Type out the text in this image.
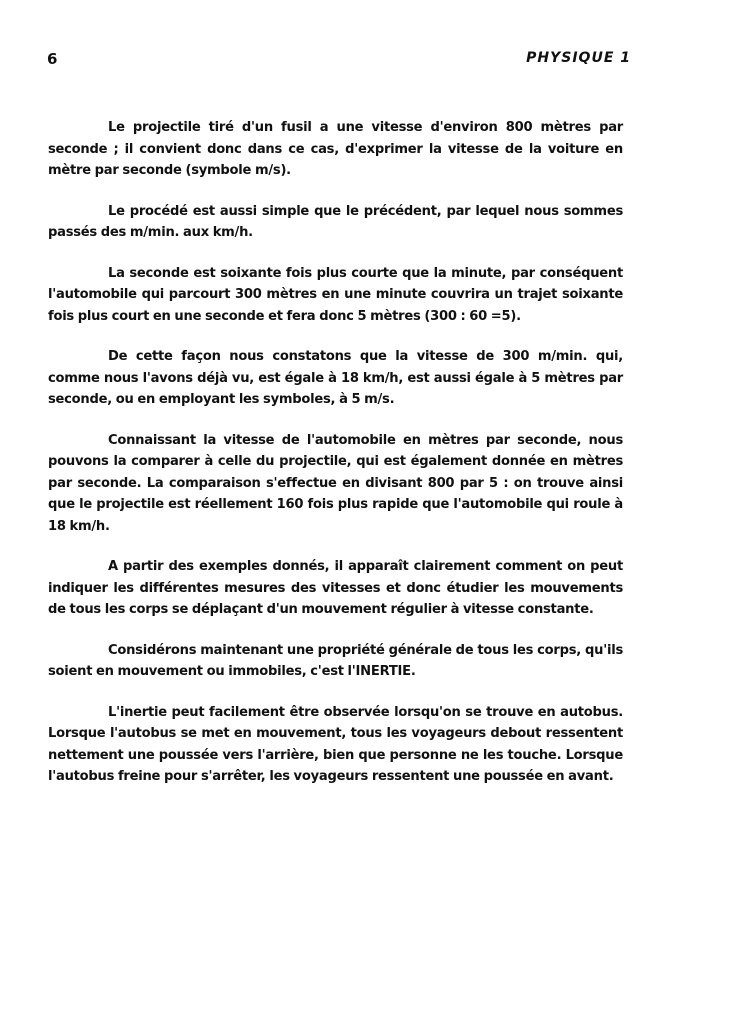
6	PHYSIQUE 1

Le projectile tiré d'un fusil a une vitesse d'environ 800 mètres par seconde ; il convient donc dans ce cas, d'exprimer la vitesse de la voiture en mètre par seconde (symbole m/s).

Le procédé est aussi simple que le précédent, par lequel nous sommes passés des m/min. aux km/h.

La seconde est soixante fois plus courte que la minute, par conséquent l'automobile qui parcourt 300 mètres en une minute couvrira un trajet soixante fois plus court en une seconde et fera donc 5 mètres (300 : 60 =5).

De cette façon nous constatons que la vitesse de 300 m/min. qui, comme nous l'avons déjà vu, est égale à 18 km/h, est aussi égale à 5 mètres par seconde, ou en employant les symboles, à 5 m/s.

Connaissant la vitesse de l'automobile en mètres par seconde, nous pouvons la comparer à celle du projectile, qui est également donnée en mètres par seconde. La comparaison s'effectue en divisant 800 par 5 : on trouve ainsi que le projectile est réellement 160 fois plus rapide que l'automobile qui roule à 18 km/h.

A partir des exemples donnés, il apparaît clairement comment on peut indiquer les différentes mesures des vitesses et donc étudier les mouvements de tous les corps se déplaçant d'un mouvement régulier à vitesse constante.

Considérons maintenant une propriété générale de tous les corps, qu'ils soient en mouvement ou immobiles, c'est l'INERTIE.

L'inertie peut facilement être observée lorsqu'on se trouve en autobus. Lorsque l'autobus se met en mouvement, tous les voyageurs debout ressentent nettement une poussée vers l'arrière, bien que personne ne les touche. Lorsque l'autobus freine pour s'arrêter, les voyageurs ressentent une poussée en avant.
